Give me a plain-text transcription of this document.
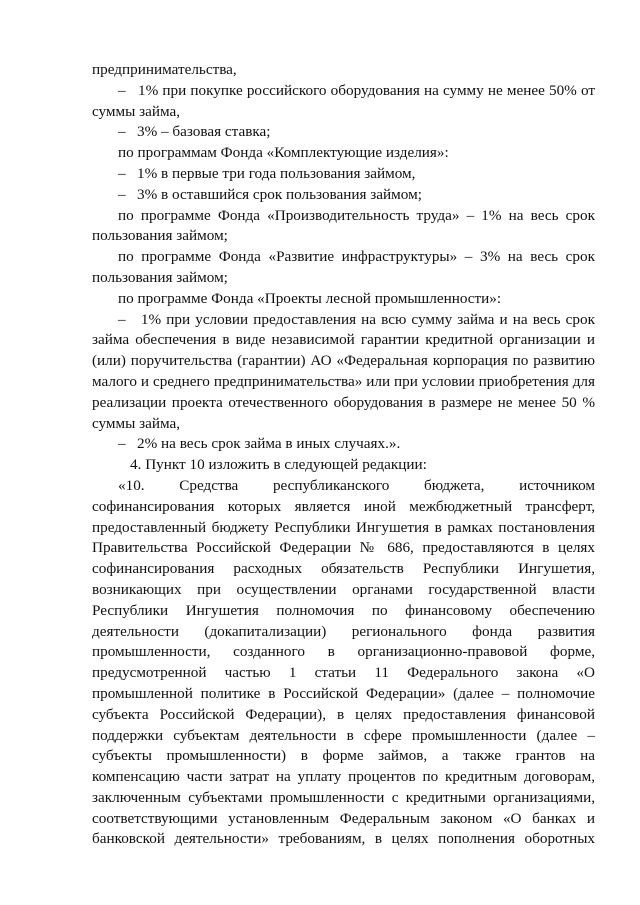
предпринимательства,

–   1% при покупке российского оборудования на сумму не менее 50% от суммы займа,

–   3% – базовая ставка;

по программам Фонда «Комплектующие изделия»:

–   1% в первые три года пользования займом,

–   3% в оставшийся срок пользования займом;

по программе Фонда «Производительность труда» – 1% на весь срок пользования займом;

по программе Фонда «Развитие инфраструктуры» – 3% на весь срок пользования займом;

по программе Фонда «Проекты лесной промышленности»:

–   1% при условии предоставления на всю сумму займа и на весь срок займа обеспечения в виде независимой гарантии кредитной организации и (или) поручительства (гарантии) АО «Федеральная корпорация по развитию малого и среднего предпринимательства» или при условии приобретения для реализации проекта отечественного оборудования в размере не менее 50 % суммы займа,

–   2% на весь срок займа в иных случаях.».

4. Пункт 10 изложить в следующей редакции:

«10. Средства республиканского бюджета, источником софинансирования которых является иной межбюджетный трансферт, предоставленный бюджету Республики Ингушетия в рамках постановления Правительства Российской Федерации № 686, предоставляются в целях софинансирования расходных обязательств Республики Ингушетия, возникающих при осуществлении органами государственной власти Республики Ингушетия полномочия по финансовому обеспечению деятельности (докапитализации) регионального фонда развития промышленности, созданного в организационно-правовой форме, предусмотренной частью 1 статьи 11 Федерального закона «О промышленной политике в Российской Федерации» (далее – полномочие субъекта Российской Федерации), в целях предоставления финансовой поддержки субъектам деятельности в сфере промышленности (далее – субъекты промышленности) в форме займов, а также грантов на компенсацию части затрат на уплату процентов по кредитным договорам, заключенным субъектами промышленности с кредитными организациями, соответствующими установленным Федеральным законом «О банках и банковской деятельности» требованиям, в целях пополнения оборотных
